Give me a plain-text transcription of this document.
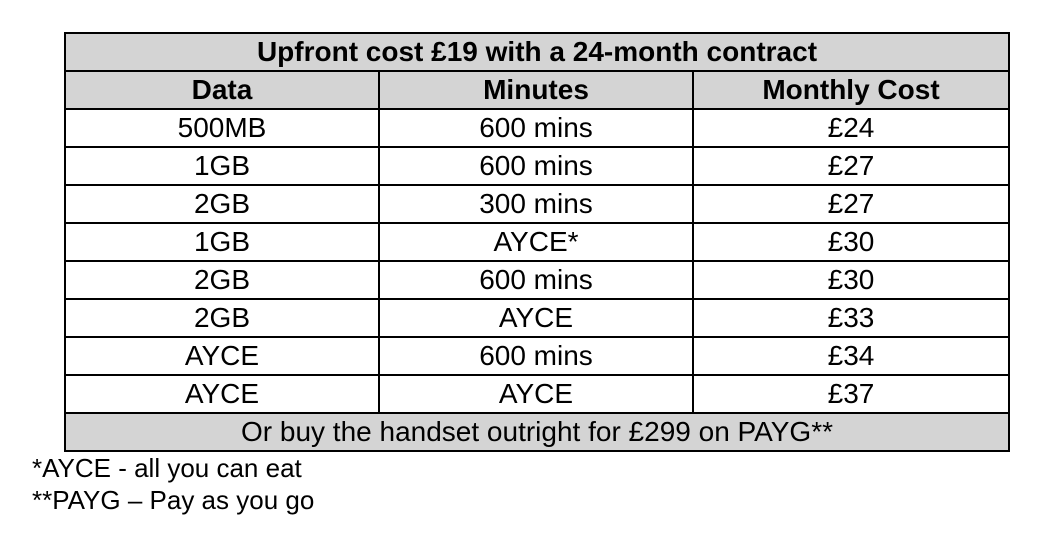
Upfront cost £19 with a 24-month contract		
Data	Minutes	Monthly Cost
500MB	600 mins	£24
1GB	600 mins	£27
2GB	300 mins	£27
1GB	AYCE*	£30
2GB	600 mins	£30
2GB	AYCE	£33
AYCE	600 mins	£34
AYCE	AYCE	£37
Or buy the handset outright for £299 on PAYG**		
*AYCE - all you can eat
**PAYG – Pay as you go
